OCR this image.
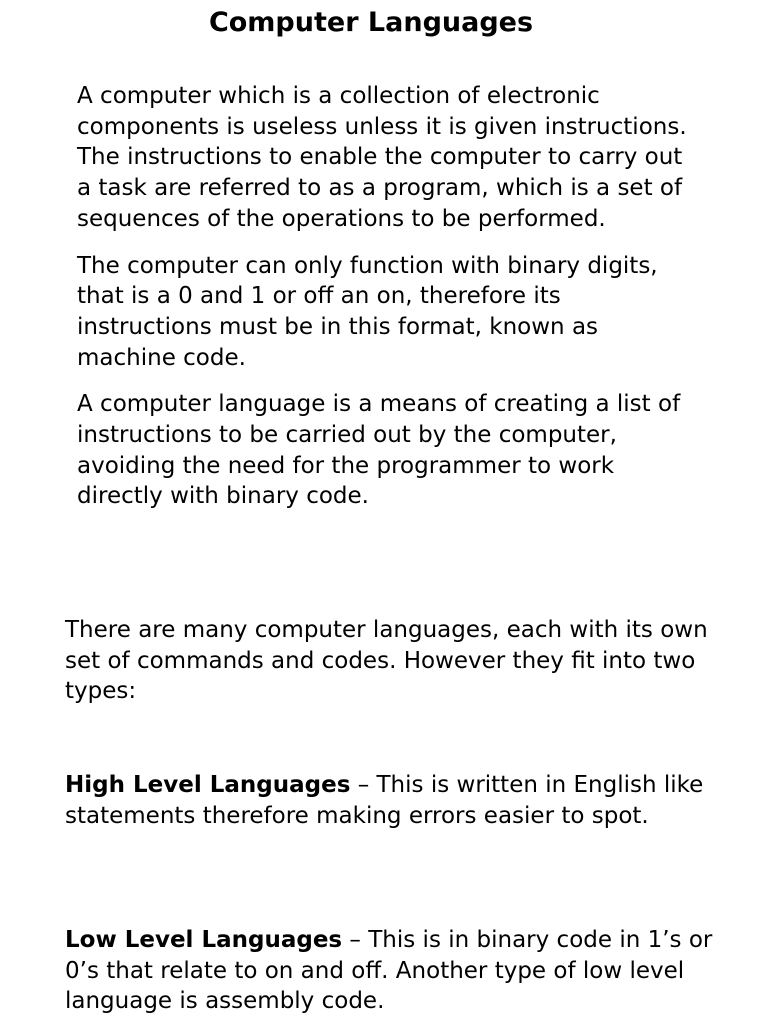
Computer Languages

A computer which is a collection of electronic components is useless unless it is given instructions. The instructions to enable the computer to carry out a task are referred to as a program, which is a set of sequences of the operations to be performed.

The computer can only function with binary digits, that is a 0 and 1 or off an on, therefore its instructions must be in this format, known as machine code.

A computer language is a means of creating a list of instructions to be carried out by the computer, avoiding the need for the programmer to work directly with binary code.

There are many computer languages, each with its own set of commands and codes. However they fit into two types:

High Level Languages – This is written in English like statements therefore making errors easier to spot.

Low Level Languages – This is in binary code in 1’s or 0’s that relate to on and off. Another type of low level language is assembly code.
